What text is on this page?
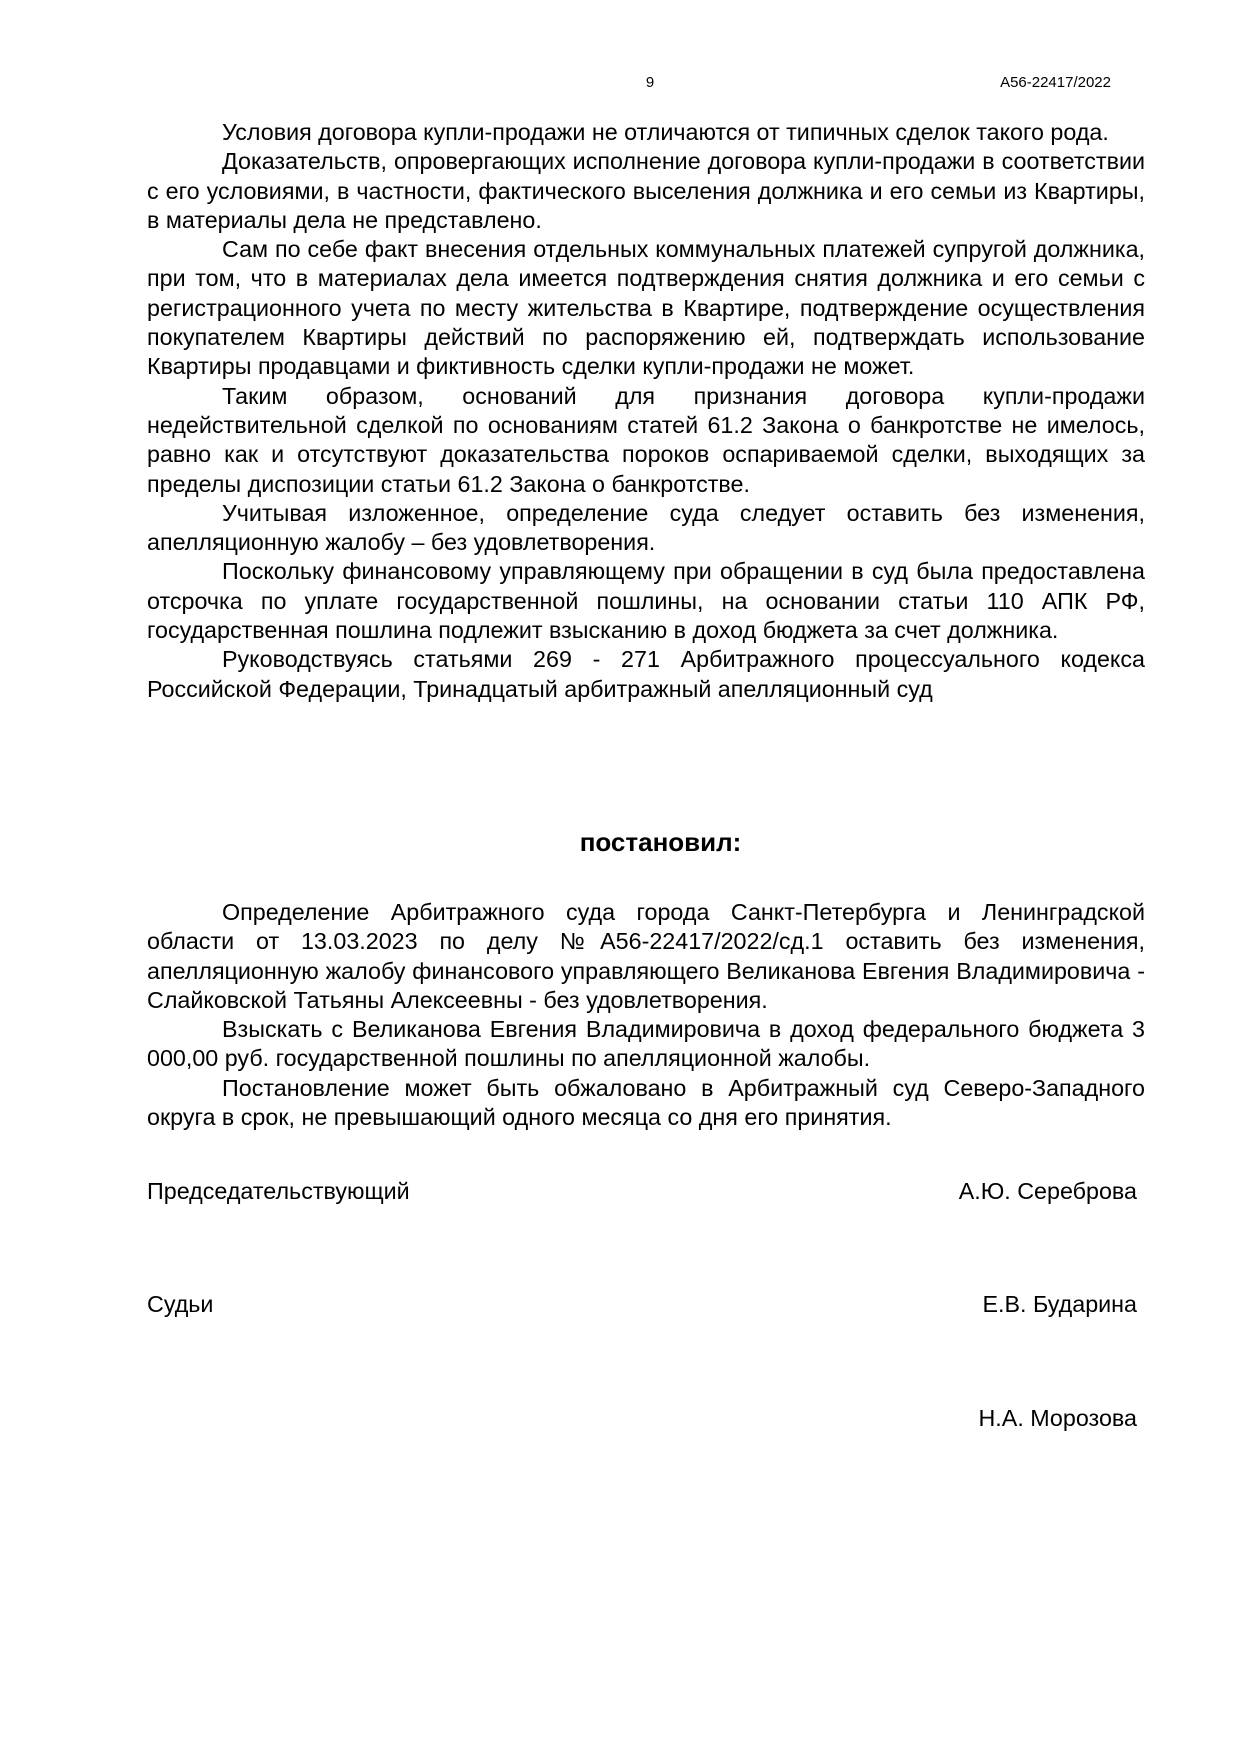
9	А56-22417/2022

Условия договора купли-продажи не отличаются от типичных сделок такого рода.

Доказательств, опровергающих исполнение договора купли-продажи в соответствии с его условиями, в частности, фактического выселения должника и его семьи из Квартиры, в материалы дела не представлено.

Сам по себе факт внесения отдельных коммунальных платежей супругой должника, при том, что в материалах дела имеется подтверждения снятия должника и его семьи с регистрационного учета по месту жительства в Квартире, подтверждение осуществления покупателем Квартиры действий по распоряжению ей, подтверждать использование Квартиры продавцами и фиктивность сделки купли-продажи не может.

Таким образом, оснований для признания договора купли-продажи недействительной сделкой по основаниям статей 61.2 Закона о банкротстве не имелось, равно как и отсутствуют доказательства пороков оспариваемой сделки, выходящих за пределы диспозиции статьи 61.2 Закона о банкротстве.

Учитывая изложенное, определение суда следует оставить без изменения, апелляционную жалобу – без удовлетворения.

Поскольку финансовому управляющему при обращении в суд была предоставлена отсрочка по уплате государственной пошлины, на основании статьи 110 АПК РФ, государственная пошлина подлежит взысканию в доход бюджета за счет должника.

Руководствуясь статьями 269 - 271 Арбитражного процессуального кодекса Российской Федерации, Тринадцатый арбитражный апелляционный суд

постановил:

Определение Арбитражного суда города Санкт-Петербурга и Ленинградской области от 13.03.2023 по делу №А56-22417/2022/сд.1 оставить без изменения, апелляционную жалобу финансового управляющего Великанова Евгения Владимировича - Слайковской Татьяны Алексеевны - без удовлетворения.

Взыскать с Великанова Евгения Владимировича в доход федерального бюджета 3 000,00 руб. государственной пошлины по апелляционной жалобы.

Постановление может быть обжаловано в Арбитражный суд Северо-Западного округа в срок, не превышающий одного месяца со дня его принятия.

Председательствующий	А.Ю. Сереброва
Судьи	Е.В. Бударина
Н.А. Морозова
